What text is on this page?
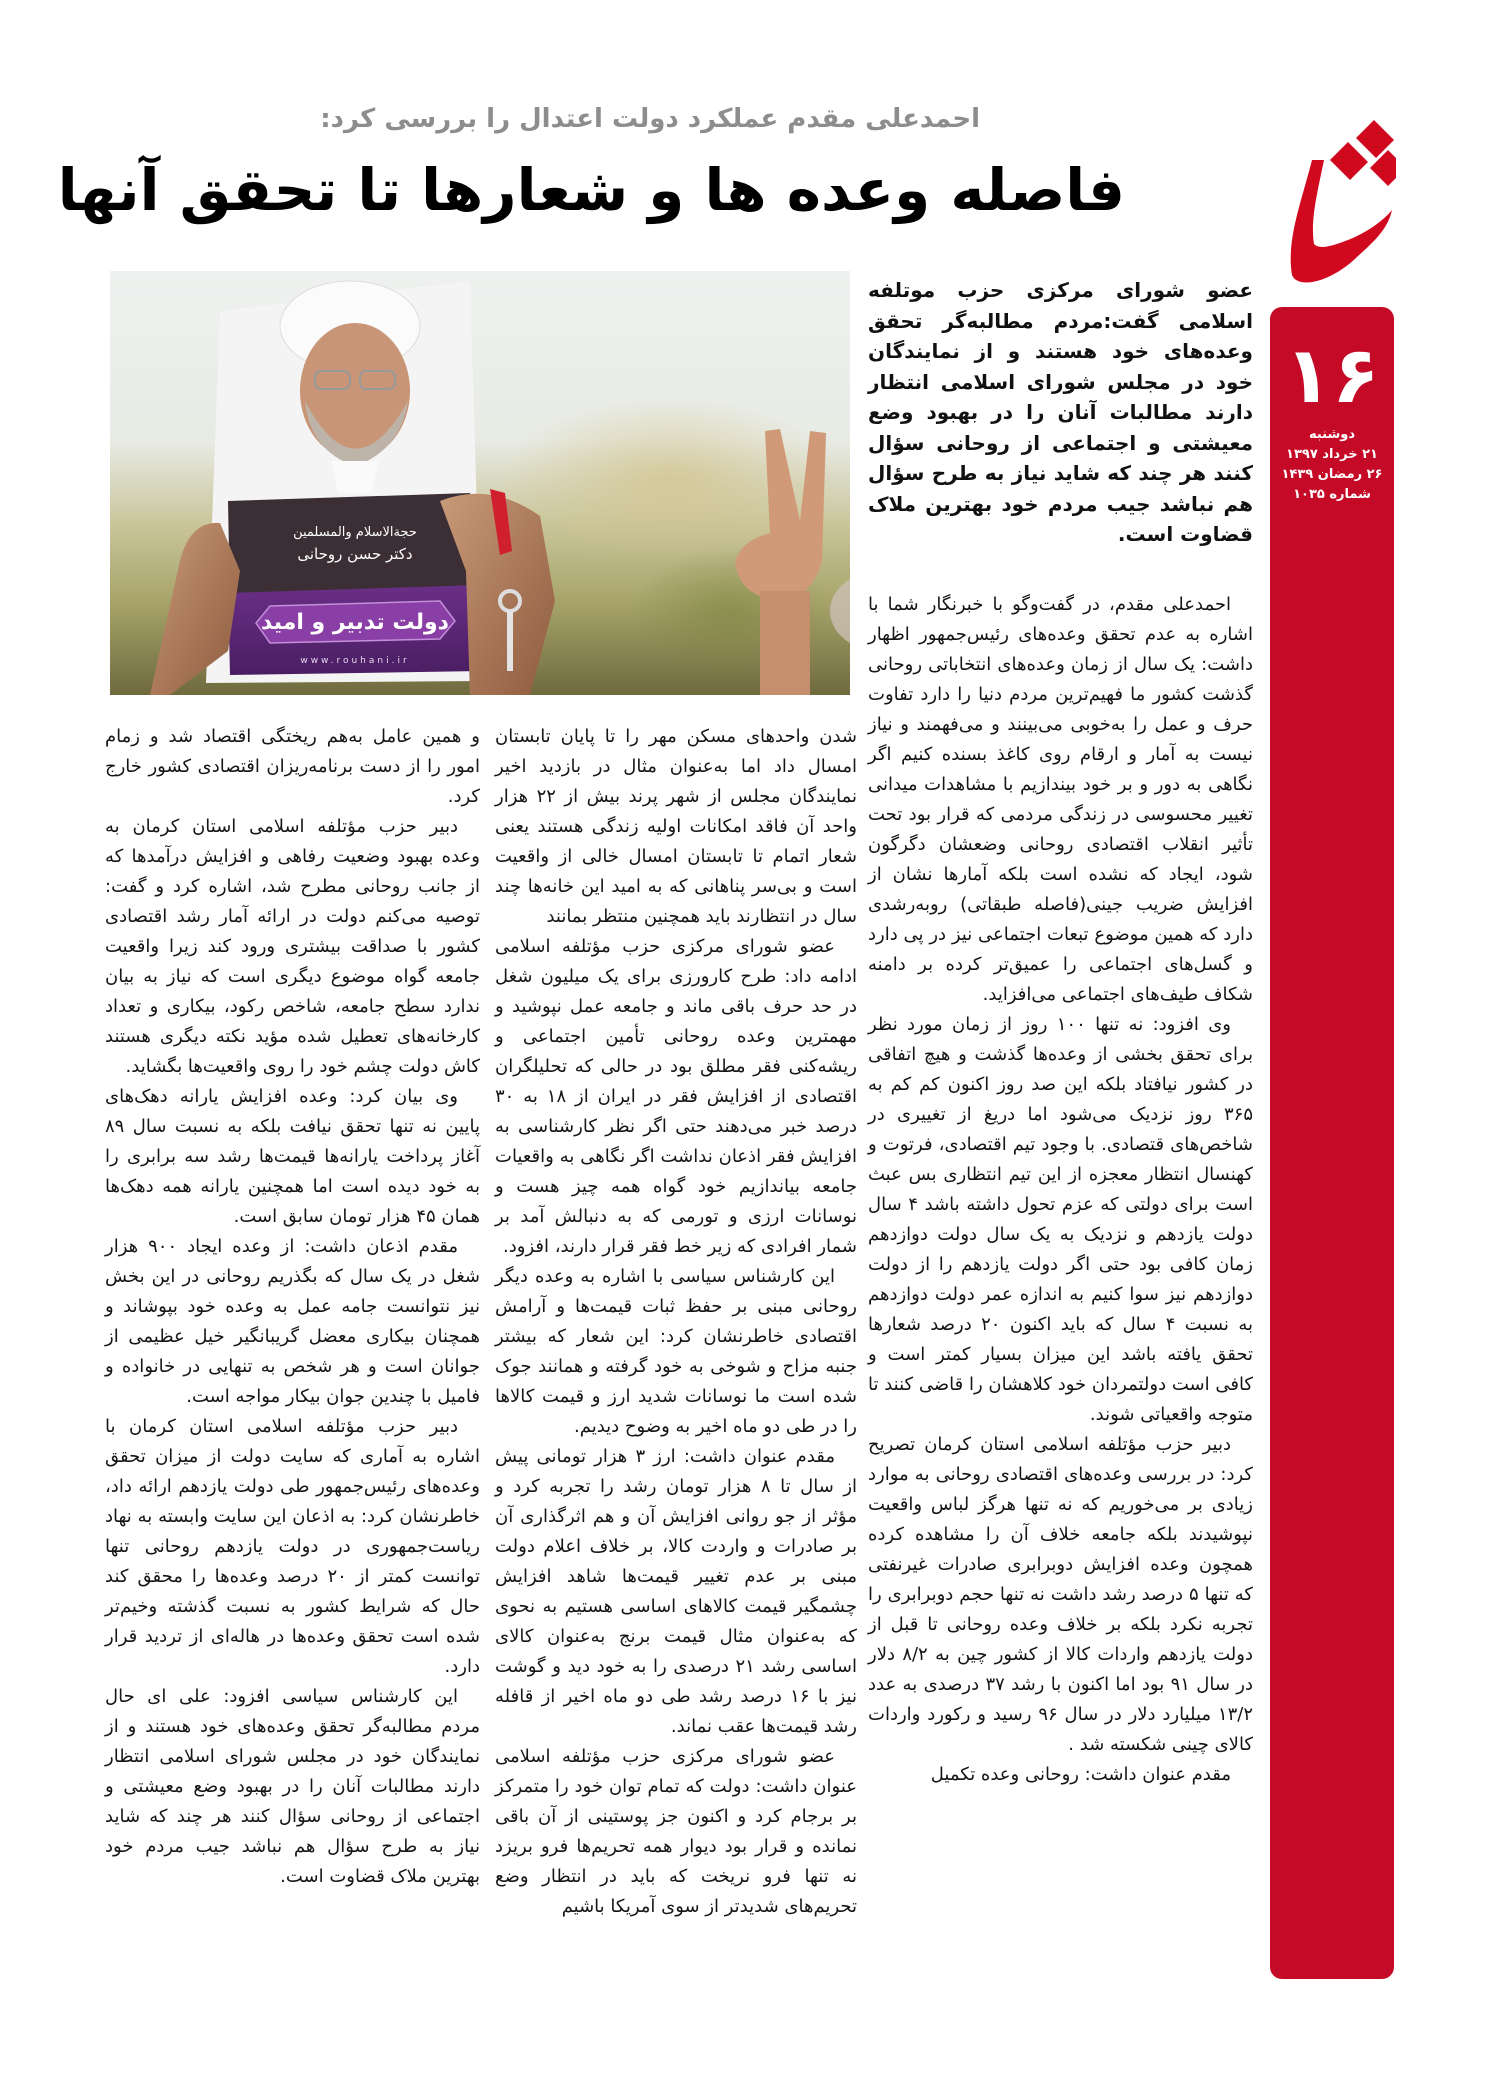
۱۶
دوشنبه
۲۱ خرداد ۱۳۹۷
۲۶ رمضان ۱۴۳۹
شماره ۱۰۳۵
احمدعلی مقدم عملکرد دولت اعتدال را بررسی کرد:
فاصله وعده ها و شعارها تا تحقق آنها
دولت تدبیر و امید
حجة‌الاسلام والمسلمین
دکتر حسن روحانی
www.rouhani.ir
عضو شورای مرکزی حزب موتلفه اسلامی گفت:مردم مطالبه‌گر تحقق وعده‌های خود هستند و از نمایندگان خود در مجلس شورای اسلامی انتظار دارند مطالبات آنان را در بهبود وضع معیشتی و اجتماعی از روحانی سؤال کنند هر چند که شاید نیاز به طرح سؤال هم نباشد جیب مردم خود بهترین ملاک قضاوت است.

احمدعلی مقدم، در گفت‌وگو با خبرنگار شما با اشاره به عدم تحقق وعده‌های رئیس‌جمهور اظهار داشت: یک سال از زمان وعده‌های انتخاباتی روحانی گذشت کشور ما فهیم‌ترین مردم دنیا را دارد تفاوت حرف و عمل را به‌خوبی می‌بینند و می‌فهمند و نیاز نیست به آمار و ارقام روی کاغذ بسنده کنیم اگر نگاهی به دور و بر خود بیندازیم با مشاهدات میدانی تغییر محسوسی در زندگی مردمی که قرار بود تحت تأثیر انقلاب اقتصادی روحانی وضعشان دگرگون شود، ایجاد که نشده است بلکه آمارها نشان از افزایش ضریب جینی(فاصله طبقاتی) روبه‌رشدی دارد که همین موضوع تبعات اجتماعی نیز در پی دارد و گسل‌های اجتماعی را عمیق‌تر کرده بر دامنه شکاف طیف‌های اجتماعی می‌افزاید.

وی افزود: نه تنها ۱۰۰ روز از زمان مورد نظر برای تحقق بخشی از وعده‌ها گذشت و هیچ اتفاقی در کشور نیافتاد بلکه این صد روز اکنون کم کم به ۳۶۵ روز نزدیک می‌شود اما دریغ از تغییری در شاخص‌های قتصادی. با وجود تیم اقتصادی، فرتوت و کهنسال انتظار معجزه از این تیم انتظاری بس عبث است برای دولتی که عزم تحول داشته باشد ۴ سال دولت یازدهم و نزدیک به یک سال دولت دوازدهم زمان کافی بود حتی اگر دولت یازدهم را از دولت دوازدهم نیز سوا کنیم به اندازه عمر دولت دوازدهم به نسبت ۴ سال که باید اکنون ۲۰ درصد شعارها تحقق یافته باشد این میزان بسیار کمتر است و کافی است دولتمردان خود کلاهشان را قاضی کنند تا متوجه واقعیاتی شوند.

دبیر حزب مؤتلفه اسلامی استان کرمان تصریح کرد: در بررسی وعده‌های اقتصادی روحانی به موارد زیادی بر می‌خوریم که نه تنها هرگز لباس واقعیت نپوشیدند بلکه جامعه خلاف آن را مشاهده کرده همچون وعده افزایش دوبرابری صادرات غیرنفتی که تنها ۵ درصد رشد داشت نه تنها حجم دوبرابری را تجربه نکرد بلکه بر خلاف وعده روحانی تا قبل از دولت یازدهم واردات کالا از کشور چین به ۸/۲ دلار در سال ۹۱ بود اما اکنون با رشد ۳۷ درصدی به عدد ۱۳/۲ میلیارد دلار در سال ۹۶ رسید و رکورد واردات کالای چینی شکسته شد .

مقدم عنوان داشت: روحانی وعده تکمیل

شدن واحدهای مسکن مهر را تا پایان تابستان امسال داد اما به‌عنوان مثال در بازدید اخیر نمایندگان مجلس از شهر پرند بیش از ۲۲ هزار واحد آن فاقد امکانات اولیه زندگی هستند یعنی شعار اتمام تا تابستان امسال خالی از واقعیت است و بی‌سر پناهانی که به امید این خانه‌ها چند سال در انتظارند باید همچنین منتظر بمانند

عضو شورای مرکزی حزب مؤتلفه اسلامی ادامه داد: طرح کارورزی برای یک میلیون شغل در حد حرف باقی ماند و جامعه عمل نپوشید و مهمترین وعده روحانی تأمین اجتماعی و ریشه‌کنی فقر مطلق بود در حالی که تحلیلگران اقتصادی از افزایش فقر در ایران از ۱۸ به ۳۰ درصد خبر می‌دهند حتی اگر نظر کارشناسی به افزایش فقر اذعان نداشت اگر نگاهی به واقعیات جامعه بیاندازیم خود گواه همه چیز هست و نوسانات ارزی و تورمی که به دنبالش آمد بر شمار افرادی که زیر خط فقر قرار دارند، افزود.

این کارشناس سیاسی با اشاره به وعده دیگر روحانی مبنی بر حفظ ثبات قیمت‌ها و آرامش اقتصادی خاطرنشان کرد: این شعار که بیشتر جنبه مزاح و شوخی به خود گرفته و همانند جوک شده است ما نوسانات شدید ارز و قیمت کالاها را در طی دو ماه اخیر به وضوح دیدیم.

مقدم عنوان داشت: ارز ۳ هزار تومانی پیش از سال تا ۸ هزار تومان رشد را تجربه کرد و مؤثر از جو روانی افزایش آن و هم اثرگذاری آن بر صادرات و واردت کالا، بر خلاف اعلام دولت مبنی بر عدم تغییر قیمت‌ها شاهد افزایش چشمگیر قیمت کالاهای اساسی هستیم به نحوی که به‌عنوان مثال قیمت برنج به‌عنوان کالای اساسی رشد ۲۱ درصدی را به خود دید و گوشت نیز با ۱۶ درصد رشد طی دو ماه اخیر از قافله رشد قیمت‌ها عقب نماند.

عضو شورای مرکزی حزب مؤتلفه اسلامی عنوان داشت: دولت که تمام توان خود را متمرکز بر برجام کرد و اکنون جز پوستینی از آن باقی نمانده و قرار بود دیوار همه تحریم‌ها فرو بریزد نه تنها فرو نریخت که باید در انتظار وضع تحریم‌های شدیدتر از سوی آمریکا باشیم

و همین عامل به‌هم ریختگی اقتصاد شد و زمام امور را از دست برنامه‌ریزان اقتصادی کشور خارج کرد.

دبیر حزب مؤتلفه اسلامی استان کرمان به وعده بهبود وضعیت رفاهی و افزایش درآمدها که از جانب روحانی مطرح شد، اشاره کرد و گفت: توصیه می‌کنم دولت در ارائه آمار رشد اقتصادی کشور با صداقت بیشتری ورود کند زیرا واقعیت جامعه گواه موضوع دیگری است که نیاز به بیان ندارد سطح جامعه، شاخص رکود، بیکاری و تعداد کارخانه‌های تعطیل شده مؤید نکته دیگری هستند کاش دولت چشم خود را روی واقعیت‌ها بگشاید.

وی بیان کرد: وعده افزایش یارانه دهک‌های پایین نه تنها تحقق نیافت بلکه به نسبت سال ۸۹ آغاز پرداخت یارانه‌ها قیمت‌ها رشد سه برابری را به خود دیده است اما همچنین یارانه همه دهک‌ها همان ۴۵ هزار تومان سابق است.

مقدم اذعان داشت: از وعده ایجاد ۹۰۰ هزار شغل در یک سال که بگذریم روحانی در این بخش نیز نتوانست جامه عمل به وعده خود بپوشاند و همچنان بیکاری معضل گریبانگیر خیل عظیمی از جوانان است و هر شخص به تنهایی در خانواده و فامیل با چندین جوان بیکار مواجه است.

دبیر حزب مؤتلفه اسلامی استان کرمان با اشاره به آماری که سایت دولت از میزان تحقق وعده‌های رئیس‌جمهور طی دولت یازدهم ارائه داد، خاطرنشان کرد: به اذعان این سایت وابسته به نهاد ریاست‌جمهوری در دولت یازدهم روحانی تنها توانست کمتر از ۲۰ درصد وعده‌ها را محقق کند حال که شرایط کشور به نسبت گذشته وخیم‌تر شده است تحقق وعده‌ها در هاله‌ای از تردید قرار دارد.

این کارشناس سیاسی افزود: علی ای حال مردم مطالبه‌گر تحقق وعده‌های خود هستند و از نمایندگان خود در مجلس شورای اسلامی انتظار دارند مطالبات آنان را در بهبود وضع معیشتی و اجتماعی از روحانی سؤال کنند هر چند که شاید نیاز به طرح سؤال هم نباشد جیب مردم خود بهترین ملاک قضاوت است.
